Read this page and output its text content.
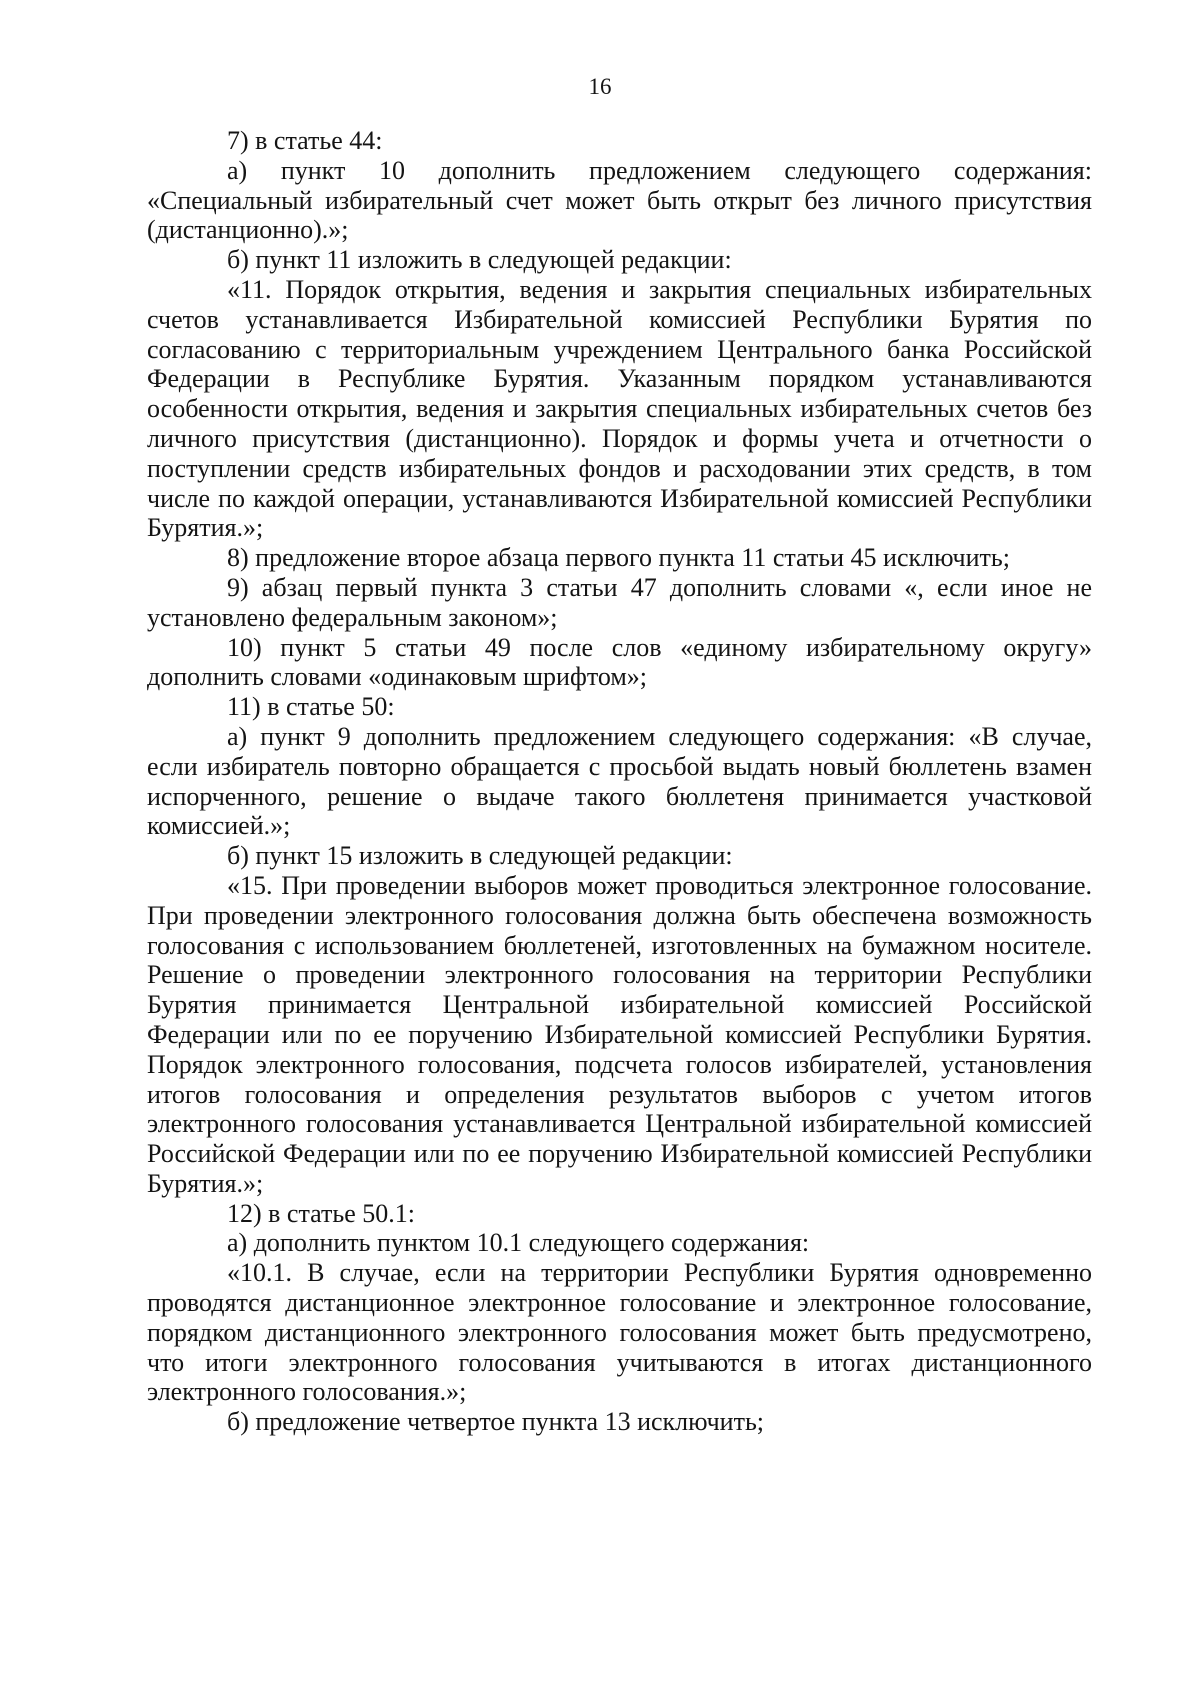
16

7) в статье 44:

а) пункт 10 дополнить предложением следующего содержания: «Специальный избирательный счет может быть открыт без личного присутствия (дистанционно).»;

б) пункт 11 изложить в следующей редакции:

«11. Порядок открытия, ведения и закрытия специальных избирательных счетов устанавливается Избирательной комиссией Республики Бурятия по согласованию с территориальным учреждением Центрального банка Российской Федерации в Республике Бурятия. Указанным порядком устанавливаются особенности открытия, ведения и закрытия специальных избирательных счетов без личного присутствия (дистанционно). Порядок и формы учета и отчетности о поступлении средств избирательных фондов и расходовании этих средств, в том числе по каждой операции, устанавливаются Избирательной комиссией Республики Бурятия.»;

8) предложение второе абзаца первого пункта 11 статьи 45 исключить;

9) абзац первый пункта 3 статьи 47 дополнить словами «, если иное не установлено федеральным законом»;

10) пункт 5 статьи 49 после слов «единому избирательному округу» дополнить словами «одинаковым шрифтом»;

11) в статье 50:

а) пункт 9 дополнить предложением следующего содержания: «В случае, если избиратель повторно обращается с просьбой выдать новый бюллетень взамен испорченного, решение о выдаче такого бюллетеня принимается участковой комиссией.»;

б) пункт 15 изложить в следующей редакции:

«15. При проведении выборов может проводиться электронное голосование. При проведении электронного голосования должна быть обеспечена возможность голосования с использованием бюллетеней, изготовленных на бумажном носителе. Решение о проведении электронного голосования на территории Республики Бурятия принимается Центральной избирательной комиссией Российской Федерации или по ее поручению Избирательной комиссией Республики Бурятия. Порядок электронного голосования, подсчета голосов избирателей, установления итогов голосования и определения результатов выборов с учетом итогов электронного голосования устанавливается Центральной избирательной комиссией Российской Федерации или по ее поручению Избирательной комиссией Республики Бурятия.»;

12) в статье 50.1:

а) дополнить пунктом 10.1 следующего содержания:

«10.1. В случае, если на территории Республики Бурятия одновременно проводятся дистанционное электронное голосование и электронное голосование, порядком дистанционного электронного голосования может быть предусмотрено, что итоги электронного голосования учитываются в итогах дистанционного электронного голосования.»;

б) предложение четвертое пункта 13 исключить;
